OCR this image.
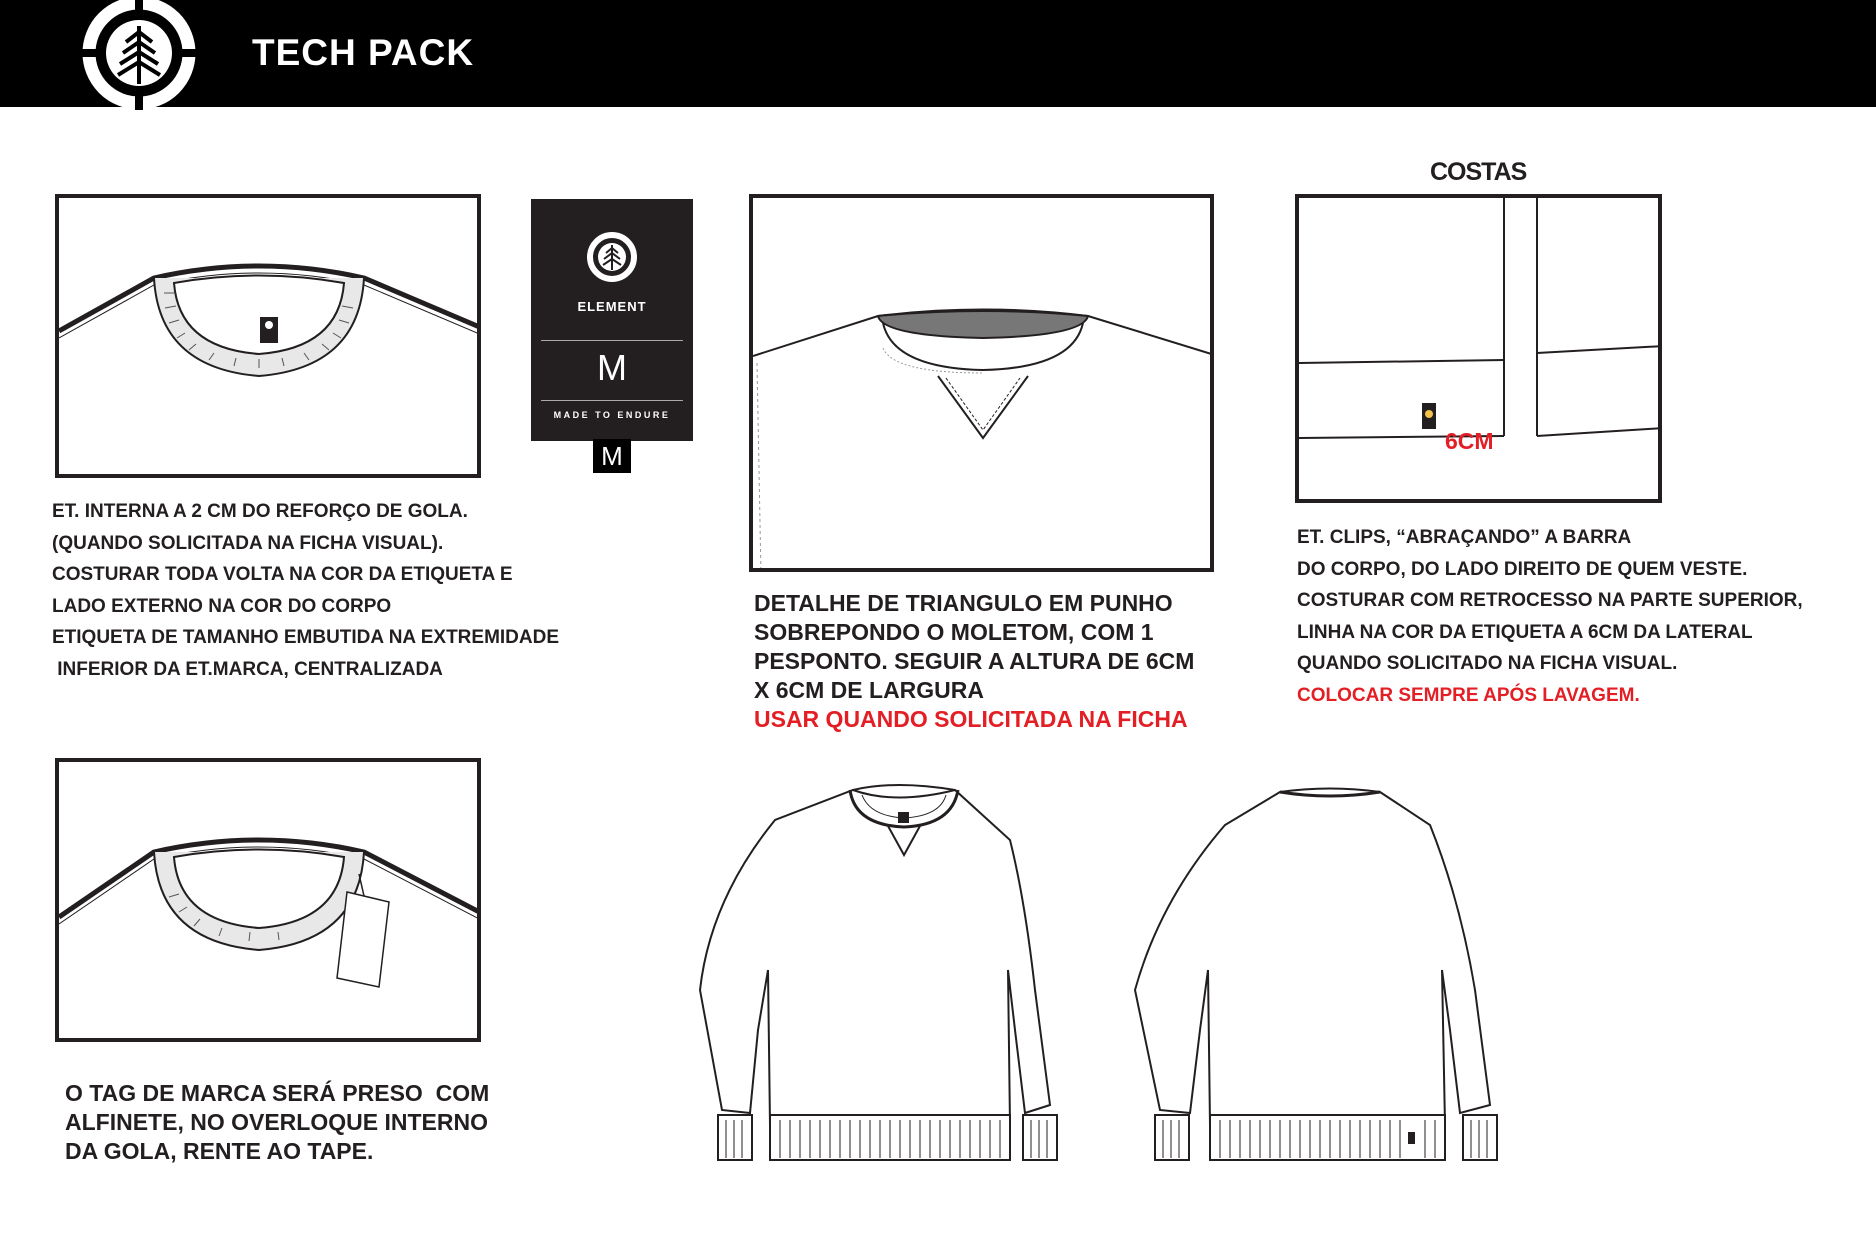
TECH PACK
ELEMENT
M
MADE TO ENDURE
M
COSTAS
6CM

ET. INTERNA A 2 CM DO REFORÇO DE GOLA.

(QUANDO SOLICITADA NA FICHA VISUAL).

COSTURAR TODA VOLTA NA COR DA ETIQUETA E

LADO EXTERNO NA COR DO CORPO

ETIQUETA DE TAMANHO EMBUTIDA NA EXTREMIDADE

INFERIOR DA ET.MARCA, CENTRALIZADA

DETALHE DE TRIANGULO EM PUNHO

SOBREPONDO O MOLETOM, COM 1

PESPONTO. SEGUIR A ALTURA DE 6CM

X 6CM DE LARGURA

USAR QUANDO SOLICITADA NA FICHA

ET. CLIPS, “ABRAÇANDO” A BARRA

DO CORPO, DO LADO DIREITO DE QUEM VESTE.

COSTURAR COM RETROCESSO NA PARTE SUPERIOR,

LINHA NA COR DA ETIQUETA A 6CM DA LATERAL

QUANDO SOLICITADO NA FICHA VISUAL.

COLOCAR SEMPRE APÓS LAVAGEM.

O TAG DE MARCA SERÁ PRESO  COM

ALFINETE, NO OVERLOQUE INTERNO

DA GOLA, RENTE AO TAPE.
